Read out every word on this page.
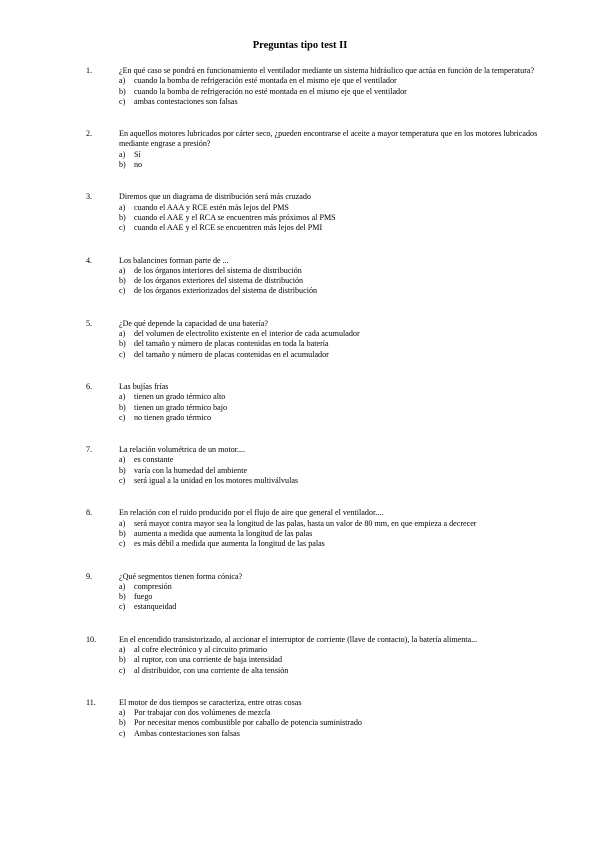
Preguntas tipo test II
1.	¿En qué caso se pondrá en funcionamiento el ventilador mediante un sistema hidráulico que actúa en función de la temperatura?
a)	cuando la bomba de refrigeración esté montada en el mismo eje que el ventilador
b)	cuando la bomba de refrigeración no esté montada en el mismo eje que el ventilador
c)	ambas contestaciones son falsas
2.	En aquellos motores lubricados por cárter seco, ¿pueden encontrarse el aceite a mayor temperatura que en los motores lubricados mediante engrase a presión?
a)	Sí
b)	no
3.	Diremos que un diagrama de distribución será más cruzado
a)	cuando el AAA y RCE estén más lejos del PMS
b)	cuando el AAE y el RCA se encuentren más próximos al PMS
c)	cuando el AAE y el RCE se encuentren más lejos del PMI
4.	Los balancines forman parte de ...
a)	de los órganos interiores del sistema de distribución
b)	de los órganos exteriores del sistema de distribución
c)	de los órganos exteriorizados del sistema de distribución
5.	¿De qué depende la capacidad de una batería?
a)	del volumen de electrolito existente en el interior de cada acumulador
b)	del tamaño y número de placas contenidas en toda la batería
c)	del tamaño y número de placas contenidas en el acumulador
6.	Las bujías frías
a)	tienen un grado térmico alto
b)	tienen un grado térmico bajo
c)	no tienen grado térmico
7.	La relación volumétrica de un motor....
a)	es constante
b)	varía con la humedad del ambiente
c)	será igual a la unidad en los motores multiválvulas
8.	En relación con el ruido producido por el flujo de aire que general el ventilador....
a)	será mayor contra mayor sea la longitud de las palas, hasta un valor de 80 mm, en que empieza a decrecer
b)	aumenta a medida que aumenta la longitud de las palas
c)	es más débil a medida que aumenta la longitud de las palas
9.	¿Qué segmentos tienen forma cónica?
a)	compresión
b)	fuego
c)	estanqueidad
10.	En el encendido transistorizado, al accionar el interruptor de corriente (llave de contacto), la batería alimenta...
a)	al cofre electrónico y al circuito primario
b)	al ruptor, con una corriente de baja intensidad
c)	al distribuidor, con una corriente de alta tensión
11.	El motor de dos tiempos se caracteriza, entre otras cosas
a)	Por trabajar con dos volúmenes de mezcla
b)	Por necesitar menos combustible por caballo de potencia suministrado
c)	Ambas contestaciones son falsas
